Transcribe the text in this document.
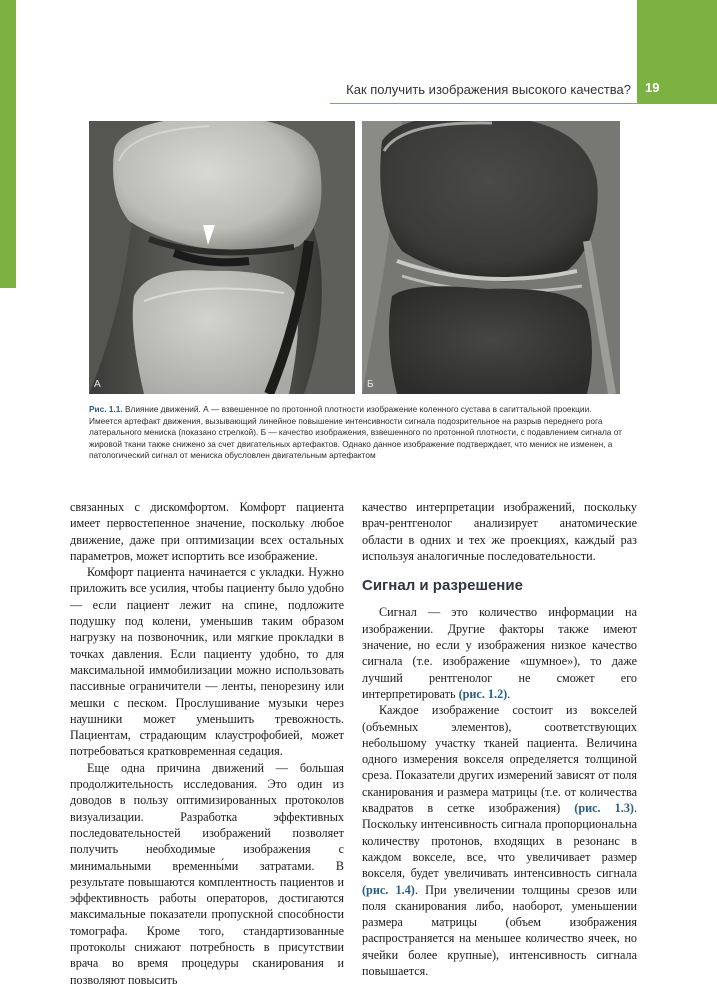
19
Как получить изображения высокого качества?
А	Б
Рис. 1.1. Влияние движений. А — взвешенное по протонной плотности изображение коленного сустава в сагиттальной проекции. Имеется артефакт движения, вызывающий линейное повышение интенсивности сигнала подозрительное на разрыв переднего рога латерального мениска (показано стрелкой). Б — качество изображения, взвешенного по протонной плотности, с подавлением сигнала от жировой ткани также снижено за счет двигательных артефактов. Однако данное изображение подтверждает, что мениск не изменен, а патологический сигнал от мениска обусловлен двигательным артефактом

связанных с дискомфортом. Комфорт пациента имеет первостепенное значение, поскольку любое движение, даже при оптимизации всех остальных параметров, может испортить все изображение.

Комфорт пациента начинается с укладки. Нужно приложить все усилия, чтобы пациенту было удобно — если пациент лежит на спине, подложите подушку под колени, уменьшив таким образом нагрузку на позвоночник, или мягкие прокладки в точках давления. Если пациенту удобно, то для максимальной иммобилизации можно использовать пассивные ограничители — ленты, пенорезину или мешки с песком. Прослушивание музыки через наушники может уменьшить тревожность. Пациентам, страдающим клаустрофобией, может потребоваться кратковременная седация.

Еще одна причина движений — большая продолжительность исследования. Это один из доводов в пользу оптимизированных протоколов визуализации. Разработка эффективных последовательностей изображений позволяет получить необходимые изображения с минимальными временны́ми затратами. В результате повышаются комплентность пациентов и эффективность работы операторов, достигаются максимальные показатели пропускной способности томографа. Кроме того, стандартизованные протоколы снижают потребность в присутствии врача во время процедуры сканирования и позволяют повысить

качество интерпретации изображений, поскольку врач-рентгенолог анализирует анатомические области в одних и тех же проекциях, каждый раз используя аналогичные последовательности.

Сигнал и разрешение

Сигнал — это количество информации на изображении. Другие факторы также имеют значение, но если у изображения низкое качество сигнала (т.е. изображение «шумное»), то даже лучший рентгенолог не сможет его интерпретировать (рис. 1.2).

Каждое изображение состоит из вокселей (объемных элементов), соответствующих небольшому участку тканей пациента. Величина одного измерения вокселя определяется толщиной среза. Показатели других измерений зависят от поля сканирования и размера матрицы (т.е. от количества квадратов в сетке изображения) (рис. 1.3). Поскольку интенсивность сигнала пропорциональна количеству протонов, входящих в резонанс в каждом вокселе, все, что увеличивает размер вокселя, будет увеличивать интенсивность сигнала (рис. 1.4). При увеличении толщины срезов или поля сканирования либо, наоборот, уменьшении размера матрицы (объем изображения распространяется на меньшее количество ячеек, но ячейки более крупные), интенсивность сигнала повышается.
